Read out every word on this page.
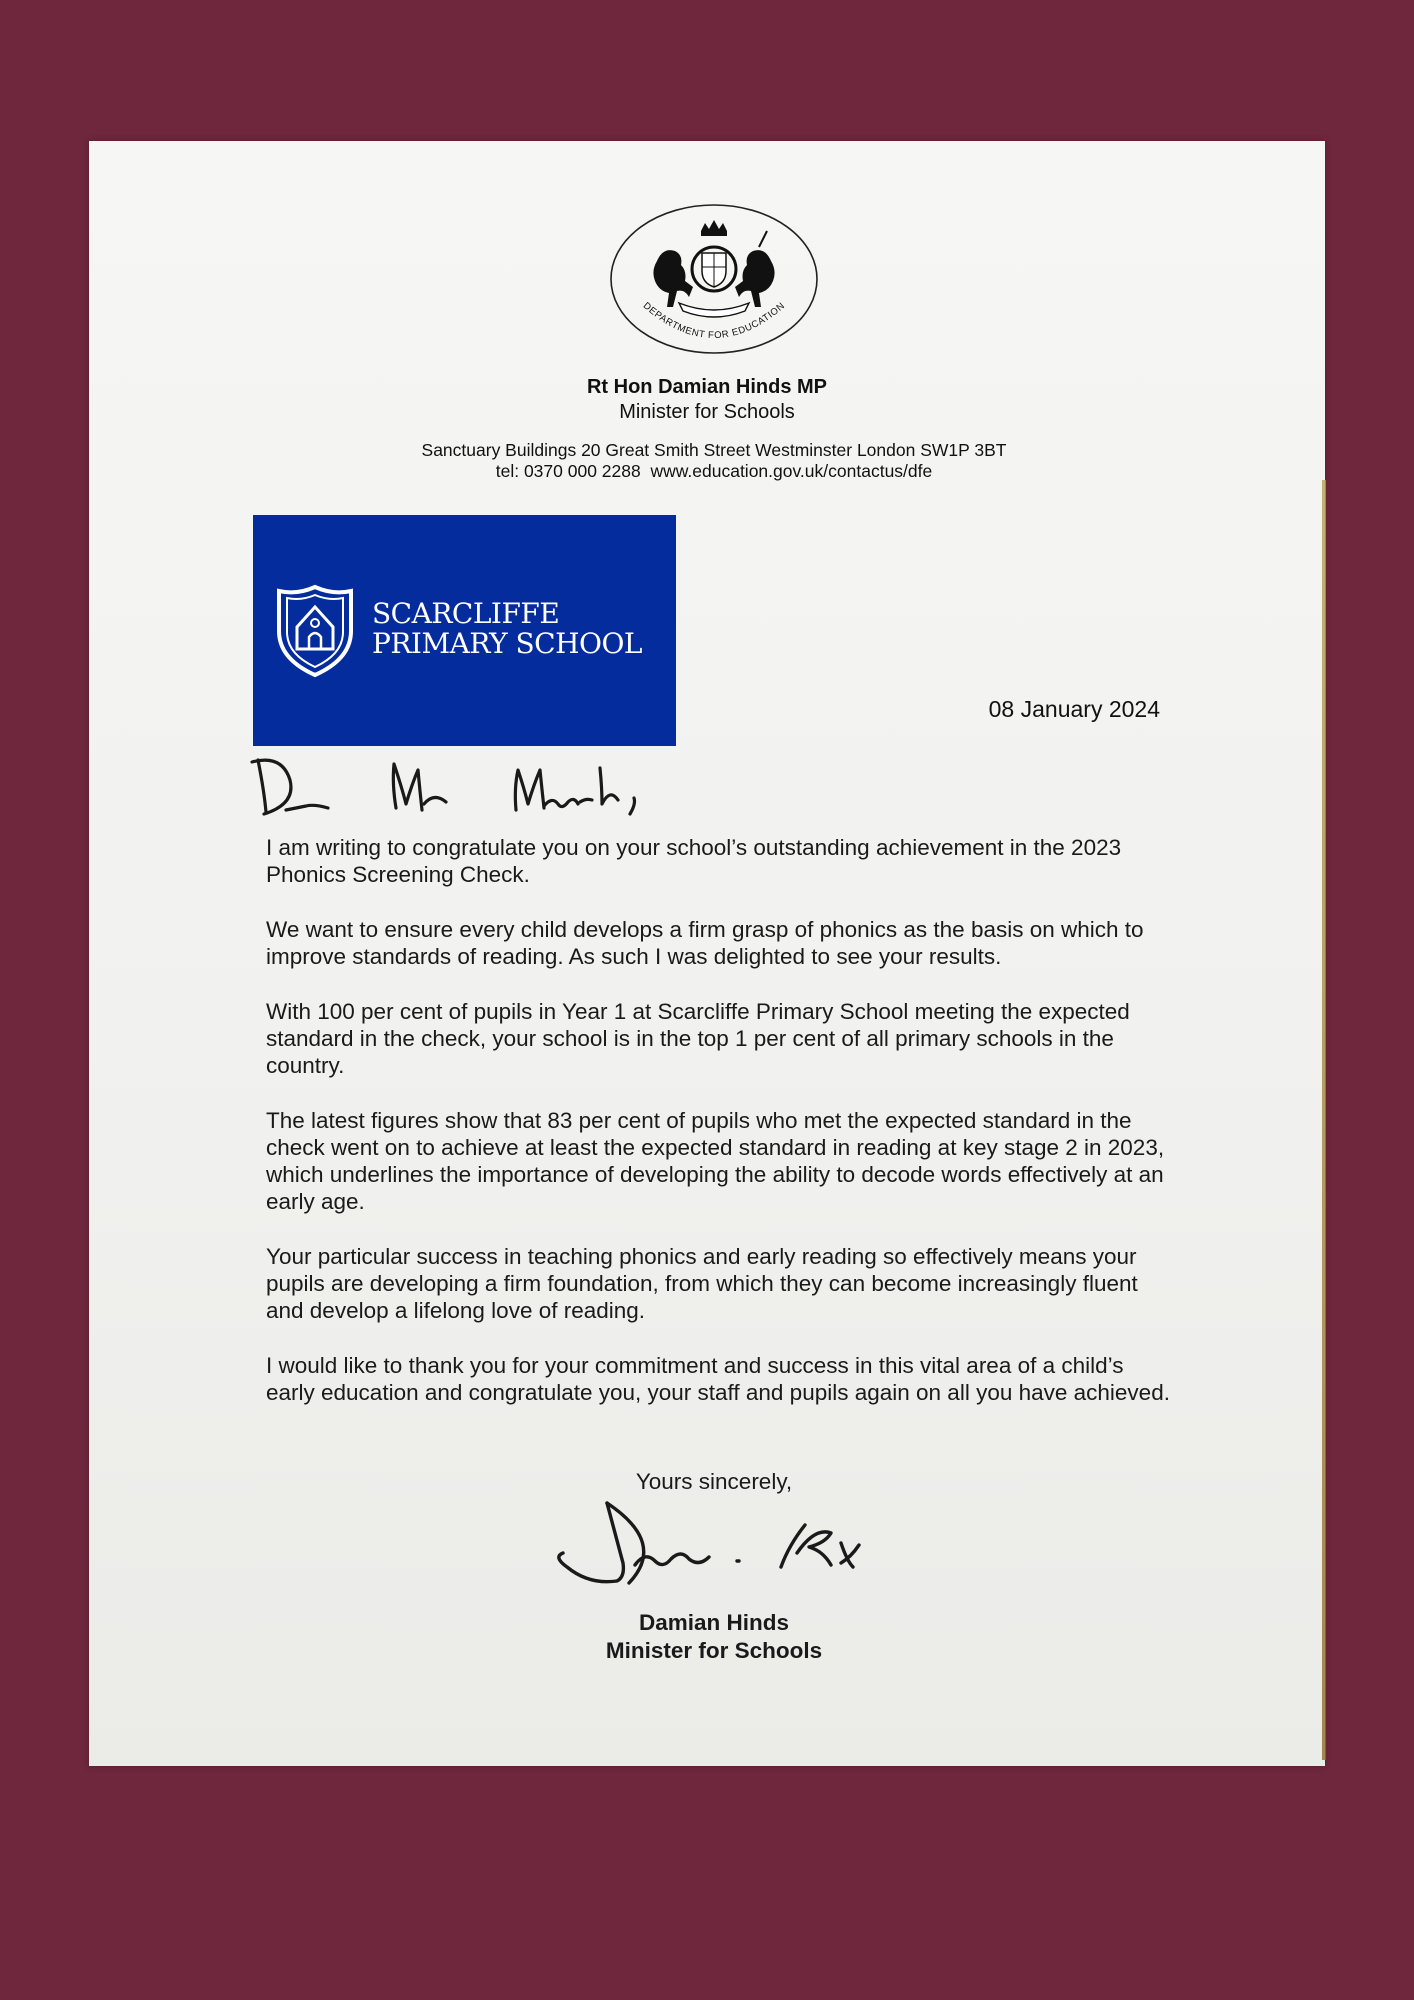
DEPARTMENT FOR EDUCATION
Rt Hon Damian Hinds MP
Minister for Schools
Sanctuary Buildings 20 Great Smith Street Westminster London SW1P 3BT
tel: 0370 000 2288  www.education.gov.uk/contactus/dfe
SCARCLIFFE
PRIMARY SCHOOL
08 January 2024

I am writing to congratulate you on your school’s outstanding achievement in the 2023 Phonics Screening Check.

We want to ensure every child develops a firm grasp of phonics as the basis on which to improve standards of reading. As such I was delighted to see your results.

With 100 per cent of pupils in Year 1 at Scarcliffe Primary School meeting the expected standard in the check, your school is in the top 1 per cent of all primary schools in the country.

The latest figures show that 83 per cent of pupils who met the expected standard in the check went on to achieve at least the expected standard in reading at key stage 2 in 2023, which underlines the importance of developing the ability to decode words effectively at an early age.

Your particular success in teaching phonics and early reading so effectively means your pupils are developing a firm foundation, from which they can become increasingly fluent and develop a lifelong love of reading.

I would like to thank you for your commitment and success in this vital area of a child’s early education and congratulate you, your staff and pupils again on all you have achieved.

Yours sincerely,
Damian Hinds
Minister for Schools
